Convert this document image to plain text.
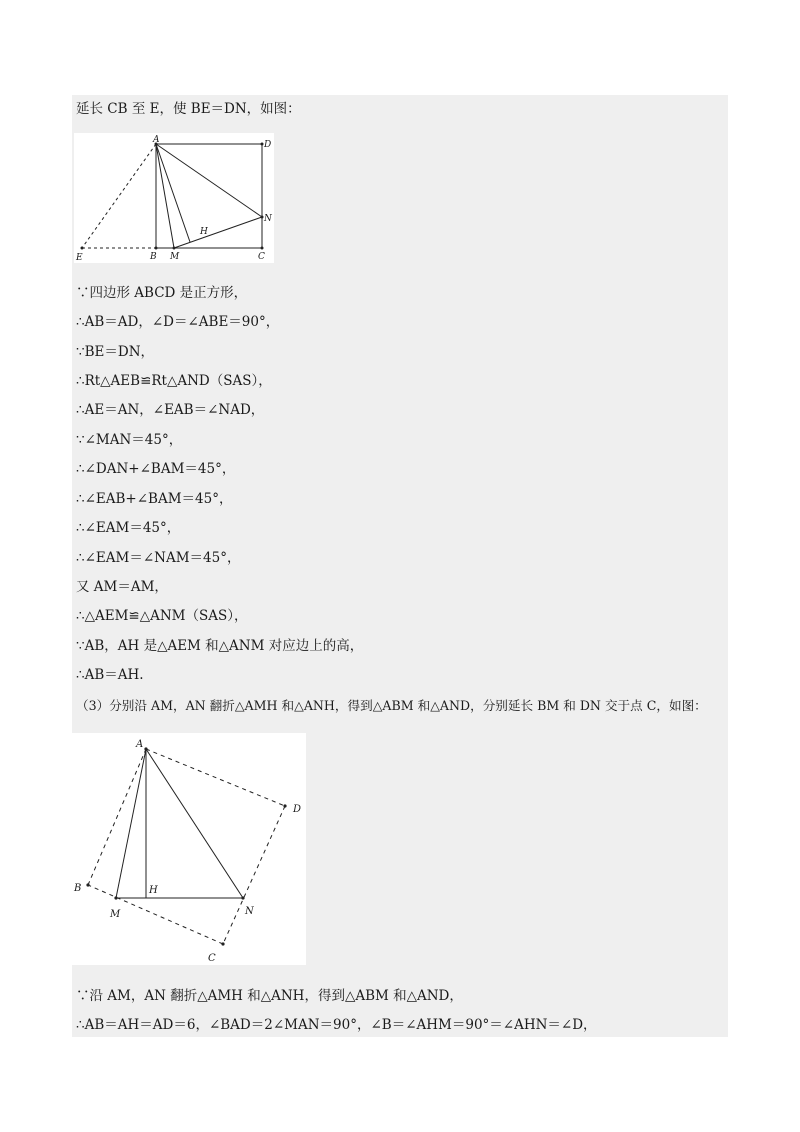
延长 CB 至 E，使 BE＝DN，如图：
A	D
N
H
E	B M	C
∵四边形 ABCD 是正方形，
∴AB＝AD，∠D＝∠ABE＝90°，
∵BE＝DN，
∴Rt△AEB≌Rt△AND（SAS），
∴AE＝AN，∠EAB＝∠NAD，
∵∠MAN＝45°，
∴∠DAN+∠BAM＝45°，
∴∠EAB+∠BAM＝45°，
∴∠EAM＝45°，
∴∠EAM＝∠NAM＝45°，
又 AM＝AM，
∴△AEM≌△ANM（SAS），
∵AB，AH 是△AEM 和△ANM 对应边上的高，
∴AB＝AH.
（3）分别沿 AM，AN 翻折△AMH 和△ANH，得到△ABM 和△AND，分别延长 BM 和 DN 交于点 C，如图：
A
D
B	H
M	N
C
∵沿 AM，AN 翻折△AMH 和△ANH，得到△ABM 和△AND，
∴AB＝AH＝AD＝6，∠BAD＝2∠MAN＝90°，∠B＝∠AHM＝90°＝∠AHN＝∠D，
